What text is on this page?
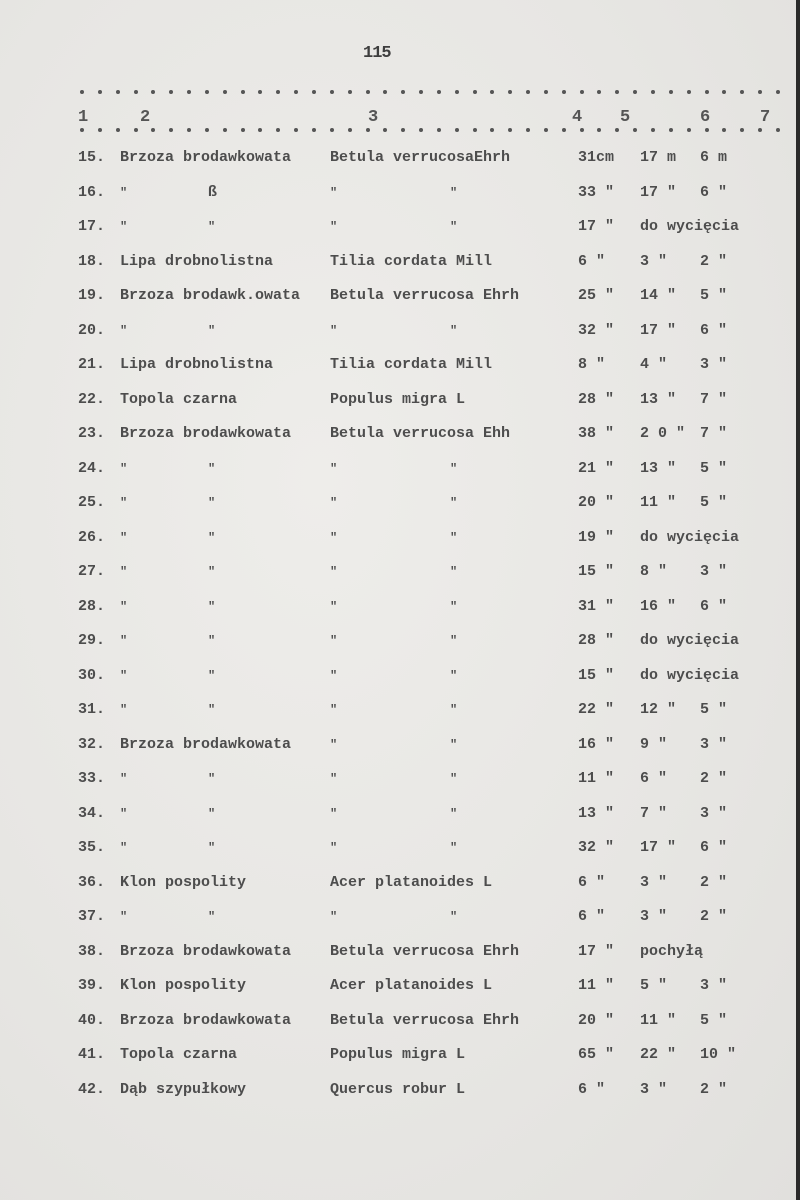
115
1	2	3	4 5	6	7
15. Brzoza brodawkowata	Betula verrucosaEhrh	31cm 17 m 6 m
16. "	ß	"	"	33 " 17 " 6 "
17. "	"	"	"	17 " do wycięcia
18. Lipa drobnolistna	Tilia cordata Mill	6 " 3 " 2 "
19. Brzoza brodawk.owata Betula verrucosa Ehrh	25 " 14 " 5 "
20. "	"	"	"	32 " 17 " 6 "
21. Lipa drobnolistna	Tilia cordata Mill	8 " 4 " 3 "
22. Topola czarna	Populus migra L	28 " 13 " 7 "
23. Brzoza brodawkowata	Betula verrucosa Ehh	38 " 2 0 " 7 "
24. "	"	"	"	21 " 13 " 5 "
25. "	"	"	"	20 " 11 " 5 "
26. "	"	"	"	19 " do wycięcia
27. "	"	"	"	15 " 8 " 3 "
28. "	"	"	"	31 " 16 " 6 "
29. "	"	"	"	28 " do wycięcia
30. "	"	"	"	15 " do wycięcia
31. "	"	"	"	22 " 12 " 5 "
32. Brzoza brodawkowata	"	"	16 " 9 " 3 "
33. "	"	"	"	11 " 6 " 2 "
34. "	"	"	"	13 " 7 " 3 "
35. "	"	"	"	32 " 17 " 6 "
36. Klon pospolity	Acer platanoides L	6 " 3 " 2 "
37. "	"	"	"	6 " 3 " 2 "
38. Brzoza brodawkowata	Betula verrucosa Ehrh	17 " pochyłą
39. Klon pospolity	Acer platanoides L	11 " 5 " 3 "
40. Brzoza brodawkowata	Betula verrucosa Ehrh	20 " 11 " 5 "
41. Topola czarna	Populus migra L	65 " 22 " 10 "
42. Dąb szypułkowy	Quercus robur L	6 " 3 " 2 "
